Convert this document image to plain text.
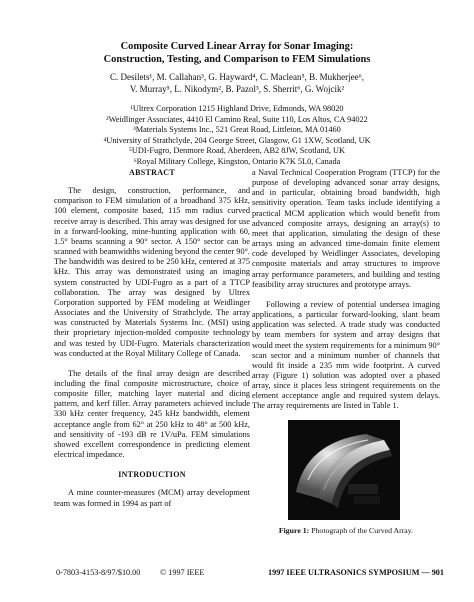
Composite Curved Linear Array for Sonar Imaging:
Construction, Testing, and Comparison to FEM Simulations
C. Desilets¹, M. Callahan³, G. Hayward⁴, C. Maclean⁵, B. Mukherjee⁶,
V. Murray⁵, L. Nikodym², B. Pazol³, S. Sherrit⁶, G. Wojcik²
¹Ultrex Corporation 1215 Highland Drive, Edmonds, WA 98020
²Weidlinger Associates, 4410 El Camino Real, Suite 110, Los Altos, CA 94022
³Materials Systems Inc., 521 Great Road, Littleton, MA 01460
⁴University of Strathclyde, 204 George Street, Glasgow, G1 1XW, Scotland, UK
⁵UDI-Fugro, Denmore Road, Aberdeen, AB2 8JW, Scotland, UK
⁶Royal Military College, Kingston, Ontario K7K 5L0, Canada
ABSTRACT

The design, construction, performance, and comparison to FEM simulation of a broadband 375 kHz, 100 element, composite based, 115 mm radius curved receive array is described. This array was designed for use in a forward-looking, mine-hunting application with 60, 1.5° beams scanning a 90° sector. A 150° sector can be scanned with beamwidths widening beyond the center 90°. The bandwidth was desired to be 250 kHz, centered at 375 kHz. This array was demonstrated using an imaging system constructed by UDI-Fugro as a part of a TTCP collaboration. The array was designed by Ultrex Corporation supported by FEM modeling at Weidlinger Associates and the University of Strathclyde. The array was constructed by Materials Systems Inc. (MSI) using their proprietary injection-molded composite technology and was tested by UDI-Fugro. Materials characterization was conducted at the Royal Military College of Canada.

The details of the final array design are described including the final composite microstructure, choice of composite filler, matching layer material and dicing pattern, and kerf filler. Array parameters achieved include 330 kHz center frequency, 245 kHz bandwidth, element acceptance angle from 62° at 250 kHz to 48° at 500 kHz, and sensitivity of -193 dB re 1V/uPa. FEM simulations showed excellent correspondence in predicting element electrical impedance.

INTRODUCTION

A mine counter-measures (MCM) array development team was formed in 1994 as part of

a Naval Technical Cooperation Program (TTCP) for the purpose of developing advanced sonar array designs, and in particular, obtaining broad bandwidth, high sensitivity operation. Team tasks include identifying a practical MCM application which would benefit from advanced composite arrays, designing an array(s) to meet that application, simulating the design of these arrays using an advanced time-domain finite element code developed by Weidlinger Associates, developing composite materials and array structures to improve array performance parameters, and building and testing feasibility array structures and prototype arrays.

Following a review of potential undersea imaging applications, a particular forward-looking, slant beam application was selected. A trade study was conducted by team members for system and array designs that would meet the system requirements for a minimum 90° scan sector and a minimum number of channels that would fit inside a 235 mm wide footprint. A curved array (Figure 1) solution was adopted over a phased array, since it places less stringent requirements on the element acceptance angle and required system delays. The array requirements are listed in Table 1.

Figure 1: Photograph of the Curved Array.
0-7803-4153-8/97/$10.00 © 1997 IEEE	1997 IEEE ULTRASONICS SYMPOSIUM — 901
